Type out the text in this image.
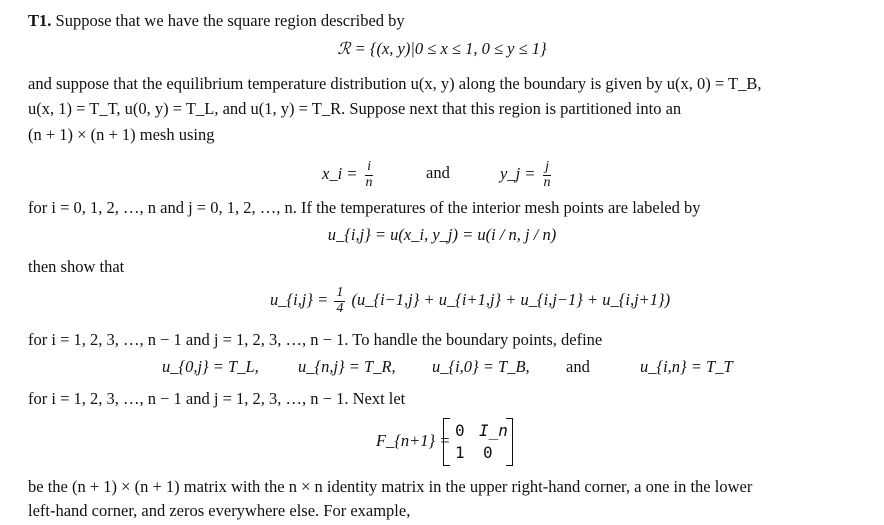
T1. Suppose that we have the square region described by
ℛ = {(x, y)|0 ≤ x ≤ 1, 0 ≤ y ≤ 1}
and suppose that the equilibrium temperature distribution u(x, y) along the boundary is given by u(x, 0) = T_B,
u(x, 1) = T_T, u(0, y) = T_L, and u(1, y) = T_R. Suppose next that this region is partitioned into an
(n + 1) × (n + 1) mesh using
x_i = $\frac{i}{n}$	and	y_j = $\frac{j}{n}$
for i = 0, 1, 2, …, n and j = 0, 1, 2, …, n. If the temperatures of the interior mesh points are labeled by
u_{i,j} = u(x_i, y_j) = u(i / n, j / n)
then show that
u_{i,j} = $\frac{1}{4}$ (u_{i−1,j} + u_{i+1,j} + u_{i,j−1} + u_{i,j+1})
for i = 1, 2, 3, …, n − 1 and j = 1, 2, 3, …, n − 1. To handle the boundary points, define
u_{0,j} = T_L, u_{n,j} = T_R, u_{i,0} = T_B, and	u_{i,n} = T_T
for i = 1, 2, 3, …, n − 1 and j = 1, 2, 3, …, n − 1. Next let
F_{n+1} =
0 I_n
1 0
be the (n + 1) × (n + 1) matrix with the n × n identity matrix in the upper right-hand corner, a one in the lower
left-hand corner, and zeros everywhere else. For example,
